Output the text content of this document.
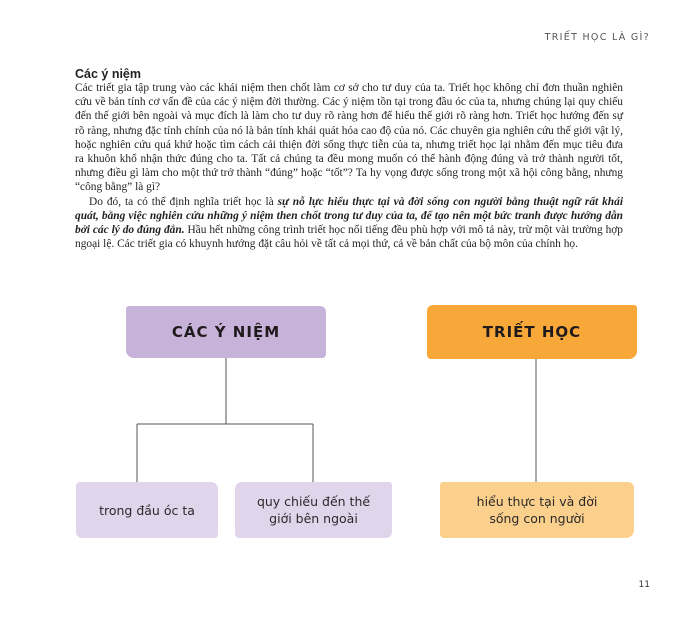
TRIẾT HỌC LÀ GÌ?
Các ý niệm

Các triết gia tập trung vào các khái niệm then chốt làm cơ sở cho tư duy của ta. Triết học không chỉ đơn thuần nghiên cứu về bản tính cơ vấn đề của các ý niệm đời thường. Các ý niệm tồn tại trong đầu óc của ta, nhưng chúng lại quy chiếu đến thế giới bên ngoài và mục đích là làm cho tư duy rõ ràng hơn để hiểu thế giới rõ ràng hơn. Triết học hướng đến sự rõ ràng, nhưng đặc tính chính của nó là bản tính khái quát hóa cao độ của nó. Các chuyên gia nghiên cứu thế giới vật lý, hoặc nghiên cứu quá khứ hoặc tìm cách cải thiện đời sống thực tiễn của ta, nhưng triết học lại nhằm đến mục tiêu đưa ra khuôn khổ nhận thức đúng cho ta. Tất cả chúng ta đều mong muốn có thể hành động đúng và trở thành người tốt, nhưng điều gì làm cho một thứ trở thành “đúng” hoặc “tốt”? Ta hy vọng được sống trong một xã hội công bằng, nhưng “công bằng” là gì?

Do đó, ta có thể định nghĩa triết học là sự nỗ lực hiểu thực tại và đời sống con người bằng thuật ngữ rất khái quát, bằng việc nghiên cứu những ý niệm then chốt trong tư duy của ta, để tạo nên một bức tranh được hướng dẫn bởi các lý do đúng đắn. Hầu hết những công trình triết học nổi tiếng đều phù hợp với mô tả này, trừ một vài trường hợp ngoại lệ. Các triết gia có khuynh hướng đặt câu hỏi về tất cả mọi thứ, cả về bản chất của bộ môn của chính họ.

CÁC Ý NIỆM	TRIẾT HỌC
trong đầu óc ta
quy chiếu đến thế giới bên ngoài
hiểu thực tại và đời sống con người
11
